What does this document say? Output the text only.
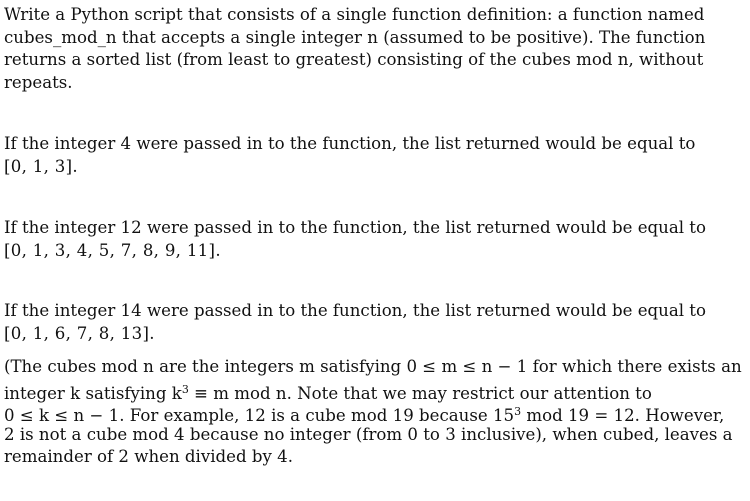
Write a Python script that consists of a single function definition: a function named
cubes_mod_n that accepts a single integer n (assumed to be positive). The function
returns a sorted list (from least to greatest) consisting of the cubes mod n, without
repeats.
If the integer 4 were passed in to the function, the list returned would be equal to
[0, 1, 3].
If the integer 12 were passed in to the function, the list returned would be equal to
[0, 1, 3, 4, 5, 7, 8, 9, 11].
If the integer 14 were passed in to the function, the list returned would be equal to
[0, 1, 6, 7, 8, 13].
(The cubes mod n are the integers m satisfying 0 ≤ m ≤ n − 1 for which there exists an
integer k satisfying $k^3 \equiv m$ mod n. Note that we may restrict our attention to
0 ≤ k ≤ n − 1. For example, 12 is a cube mod 19 because $15^3$ mod 19 = 12. However,
2 is not a cube mod 4 because no integer (from 0 to 3 inclusive), when cubed, leaves a
remainder of 2 when divided by 4.
